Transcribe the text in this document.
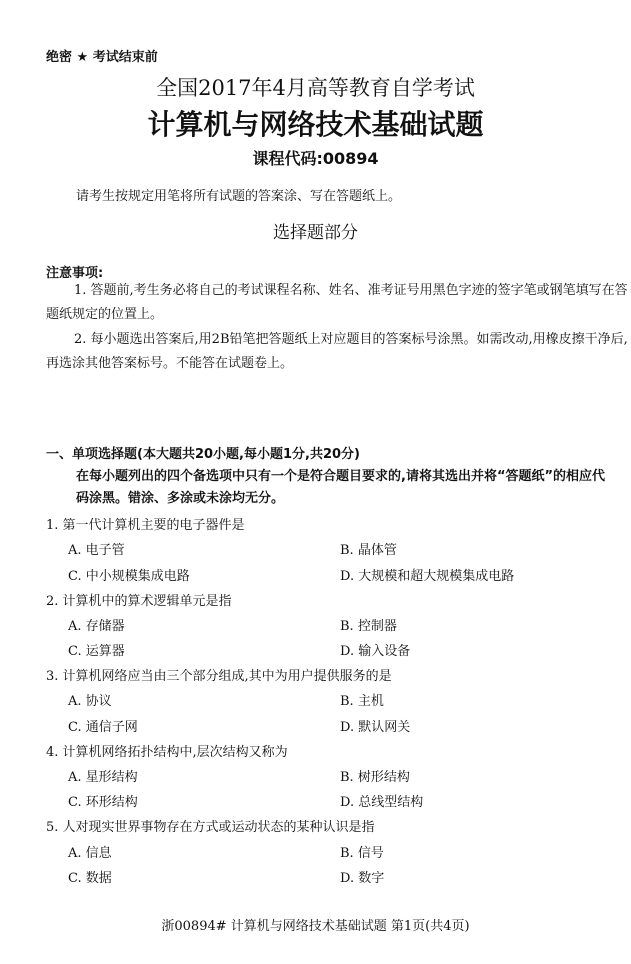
绝密 ★ 考试结束前
全国2017年4月高等教育自学考试
计算机与网络技术基础试题
课程代码:00894
请考生按规定用笔将所有试题的答案涂、写在答题纸上。
选择题部分
注意事项:
1. 答题前,考生务必将自己的考试课程名称、姓名、准考证号用黑色字迹的签字笔或钢笔填写在答题纸规定的位置上。
2. 每小题选出答案后,用2B铅笔把答题纸上对应题目的答案标号涂黑。如需改动,用橡皮擦干净后,再选涂其他答案标号。不能答在试题卷上。
一、单项选择题(本大题共20小题,每小题1分,共20分)
在每小题列出的四个备选项中只有一个是符合题目要求的,请将其选出并将“答题纸”的相应代码涂黑。错涂、多涂或未涂均无分。
1. 第一代计算机主要的电子器件是
A. 电子管	B. 晶体管
C. 中小规模集成电路	D. 大规模和超大规模集成电路
2. 计算机中的算术逻辑单元是指
A. 存储器	B. 控制器
C. 运算器	D. 输入设备
3. 计算机网络应当由三个部分组成,其中为用户提供服务的是
A. 协议	B. 主机
C. 通信子网	D. 默认网关
4. 计算机网络拓扑结构中,层次结构又称为
A. 星形结构	B. 树形结构
C. 环形结构	D. 总线型结构
5. 人对现实世界事物存在方式或运动状态的某种认识是指
A. 信息	B. 信号
C. 数据	D. 数字
浙00894# 计算机与网络技术基础试题 第1页(共4页)
